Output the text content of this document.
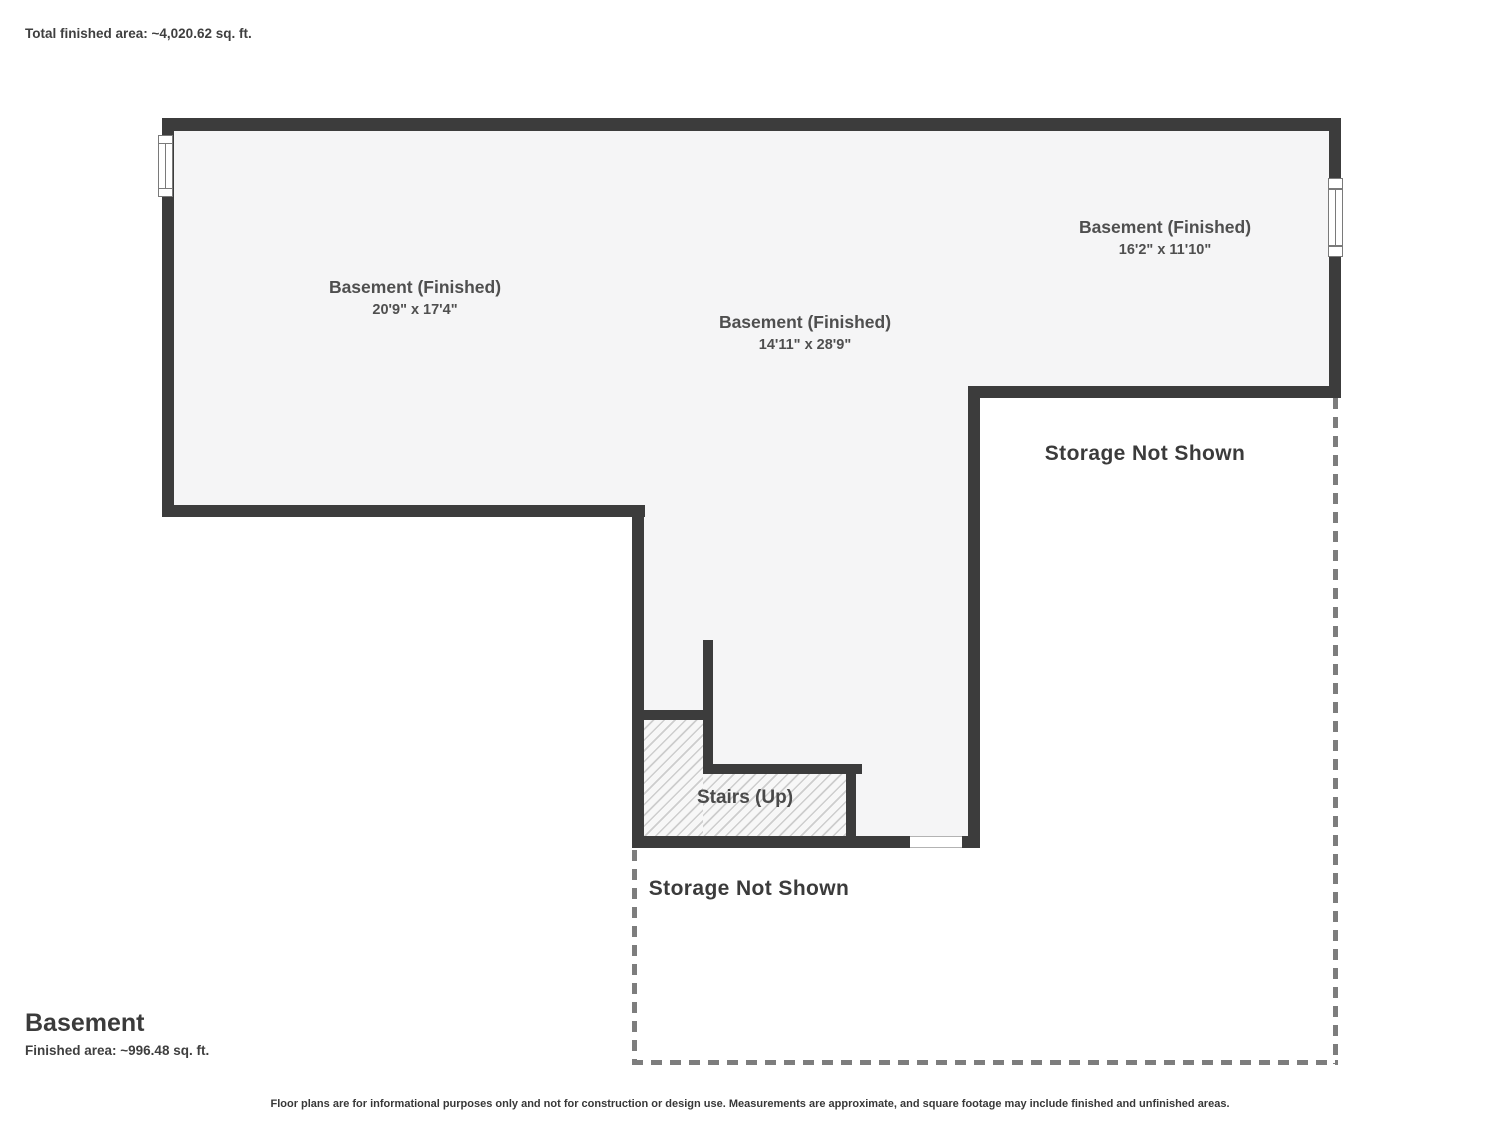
Total finished area: ~4,020.62 sq. ft.
Basement (Finished)
20'9" x 17'4"
Basement (Finished)
14'11" x 28'9"
Basement (Finished)
16'2" x 11'10"
Storage Not Shown
Storage Not Shown
Stairs (Up)
Basement
Finished area: ~996.48 sq. ft.
Floor plans are for informational purposes only and not for construction or design use. Measurements are approximate, and square footage may include finished and unfinished areas.
